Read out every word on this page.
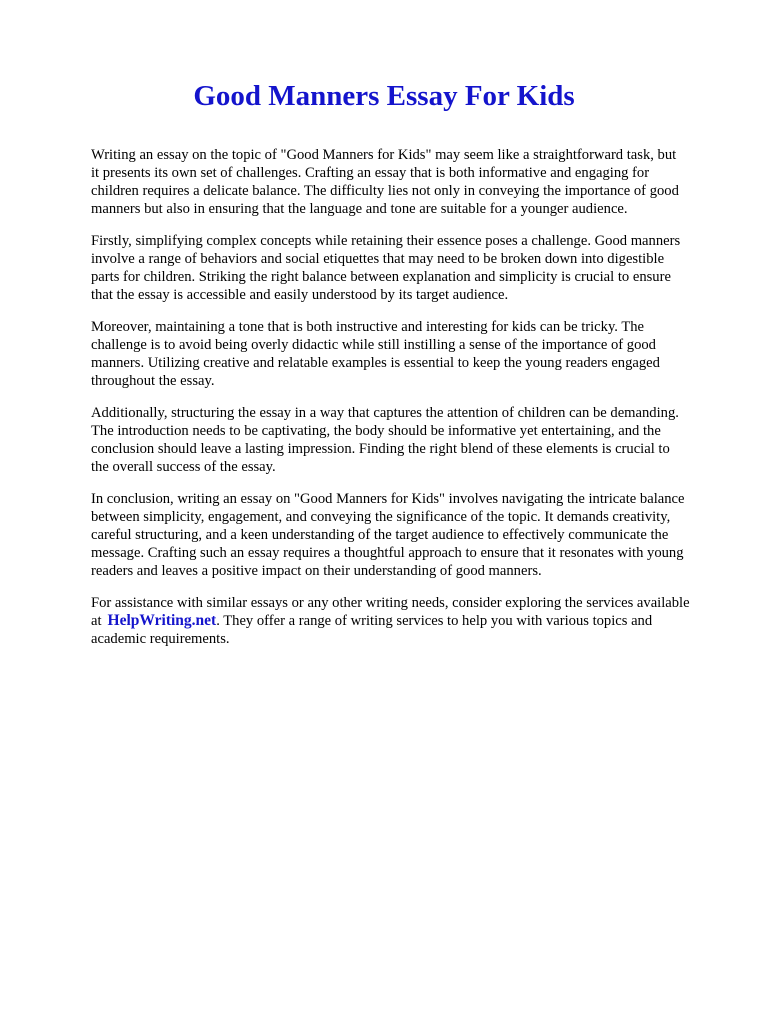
Good Manners Essay For Kids

Writing an essay on the topic of "Good Manners for Kids" may seem like a straightforward task, but
it presents its own set of challenges. Crafting an essay that is both informative and engaging for
children requires a delicate balance. The difficulty lies not only in conveying the importance of good
manners but also in ensuring that the language and tone are suitable for a younger audience.

Firstly, simplifying complex concepts while retaining their essence poses a challenge. Good manners
involve a range of behaviors and social etiquettes that may need to be broken down into digestible
parts for children. Striking the right balance between explanation and simplicity is crucial to ensure
that the essay is accessible and easily understood by its target audience.

Moreover, maintaining a tone that is both instructive and interesting for kids can be tricky. The
challenge is to avoid being overly didactic while still instilling a sense of the importance of good
manners. Utilizing creative and relatable examples is essential to keep the young readers engaged
throughout the essay.

Additionally, structuring the essay in a way that captures the attention of children can be demanding.
The introduction needs to be captivating, the body should be informative yet entertaining, and the
conclusion should leave a lasting impression. Finding the right blend of these elements is crucial to
the overall success of the essay.

In conclusion, writing an essay on "Good Manners for Kids" involves navigating the intricate balance
between simplicity, engagement, and conveying the significance of the topic. It demands creativity,
careful structuring, and a keen understanding of the target audience to effectively communicate the
message. Crafting such an essay requires a thoughtful approach to ensure that it resonates with young
readers and leaves a positive impact on their understanding of good manners.

For assistance with similar essays or any other writing needs, consider exploring the services available
at HelpWriting.net. They offer a range of writing services to help you with various topics and
academic requirements.
